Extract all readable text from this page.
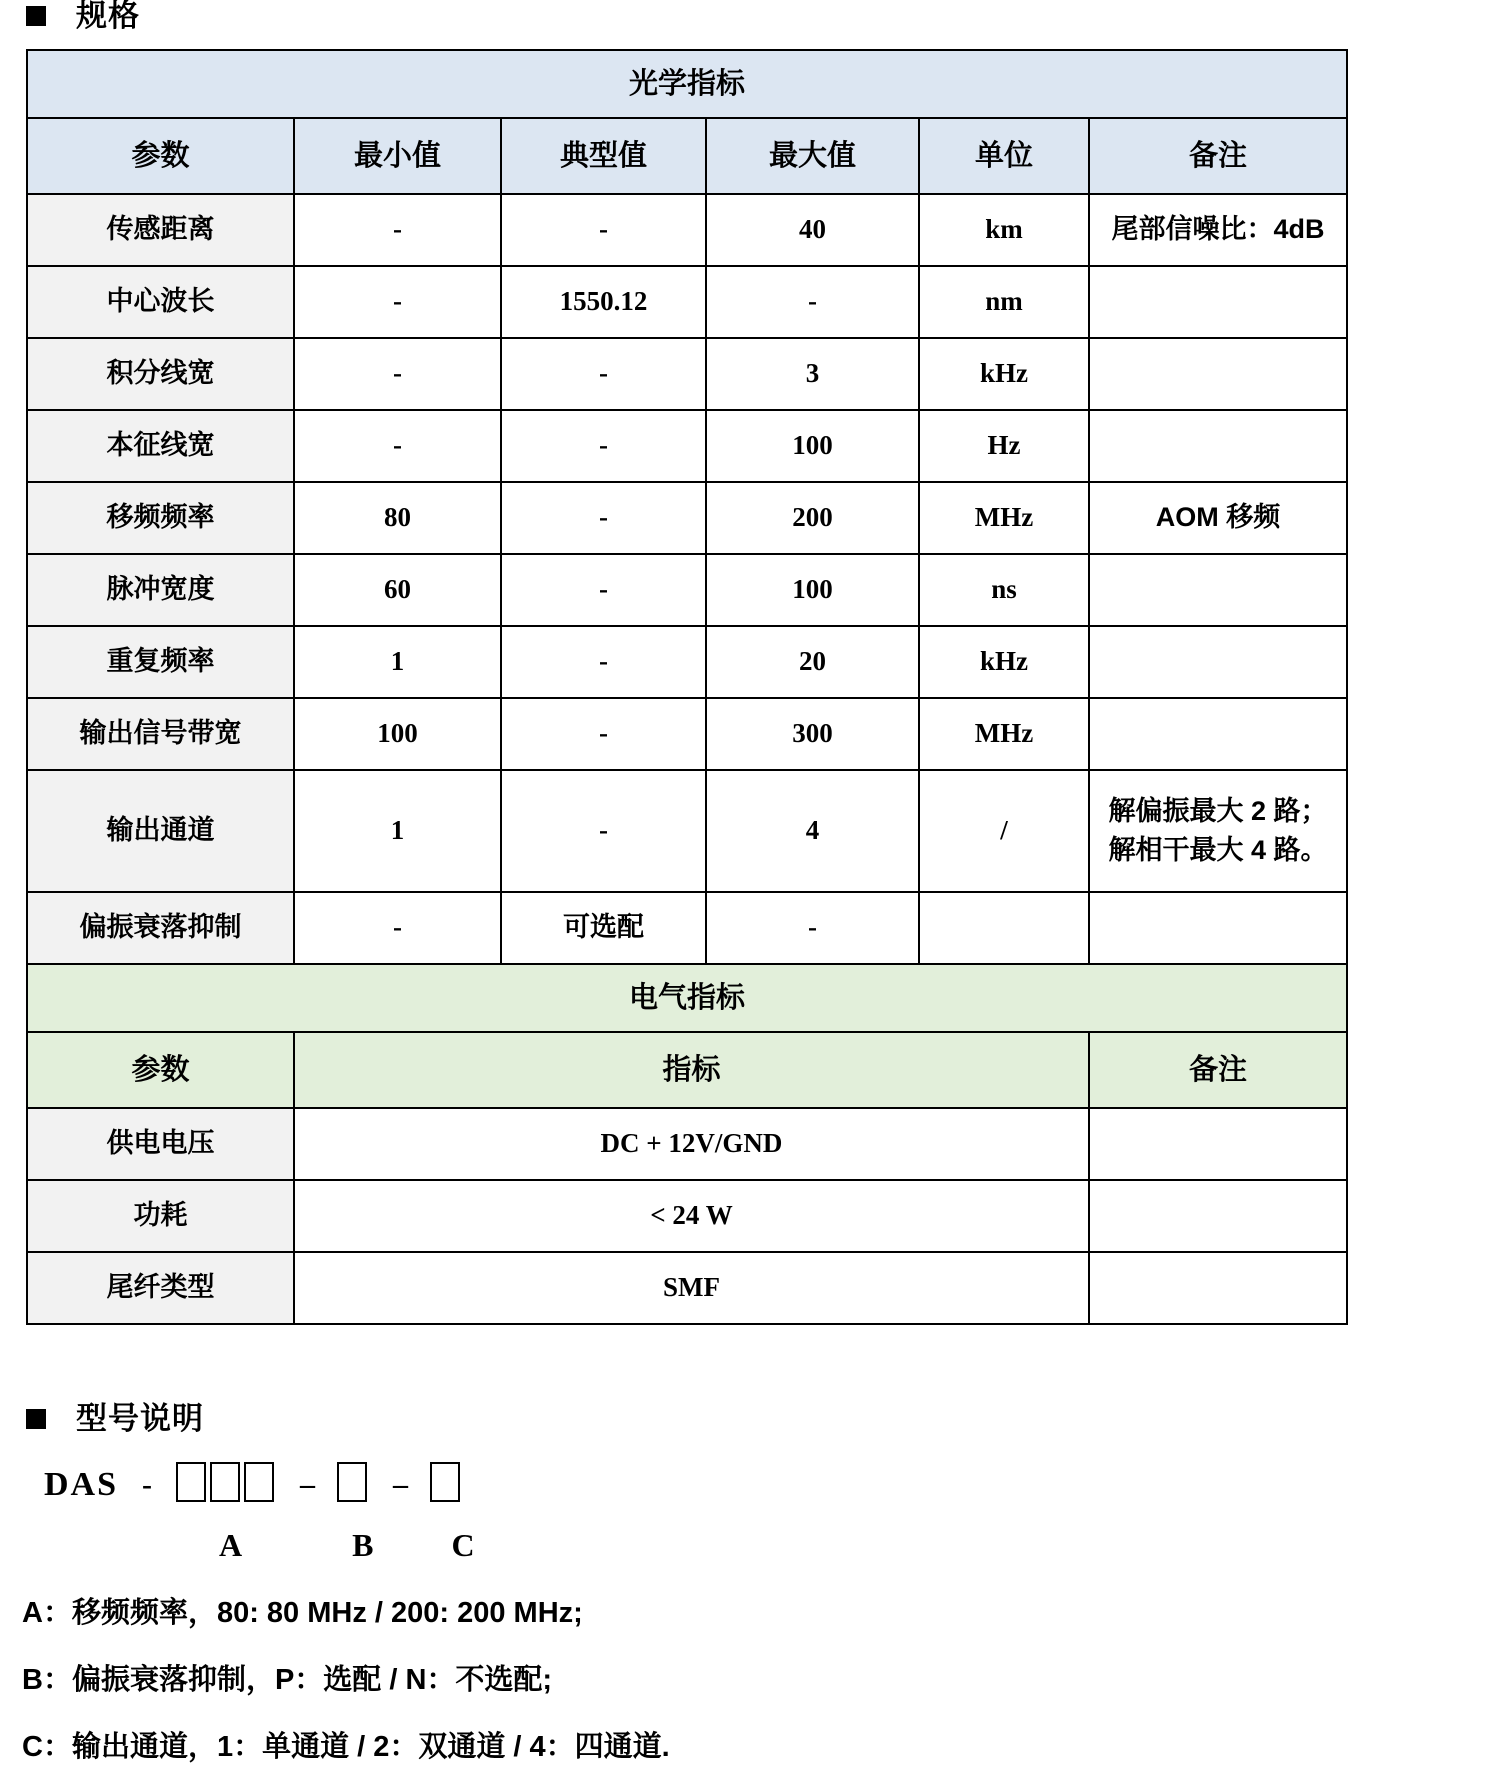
规格
光学指标					
参数	最小值	典型值	最大值	单位	备注
传感距离	-	-	40	km	尾部信噪比：4dB
中心波长	-	1550.12	-	nm	
积分线宽	-	-	3	kHz	
本征线宽	-	-	100	Hz	
移频频率	80	-	200	MHz	AOM 移频
脉冲宽度	60	-	100	ns	
重复频率	1	-	20	kHz	
输出信号带宽	100	-	300	MHz	
输出通道	1	-	4	/	解偏振最大 2 路；
解相干最大 4 路。

偏振衰落抑制	-	可选配	-		
电气指标					
参数	指标				备注
供电电压	DC + 12V/GND				
功耗	< 24 W				
尾纤类型	SMF				
型号说明
DAS -	–	–
A	B C
A：移频频率，80: 80 MHz / 200: 200 MHz;
B：偏振衰落抑制，P：选配 / N：不选配;
C：输出通道，1：单通道 / 2：双通道 / 4：四通道.
